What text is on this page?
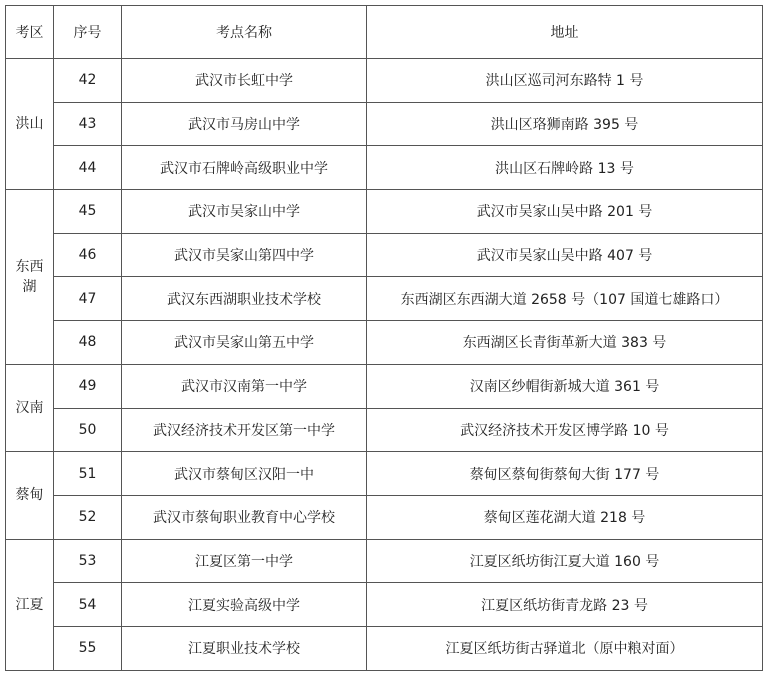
考区	序号	考点名称	地址
洪山	42	武汉市长虹中学	洪山区巡司河东路特 1 号
	43	武汉市马房山中学	洪山区珞狮南路 395 号
	44	武汉市石牌岭高级职业中学	洪山区石牌岭路 13 号
东西湖	45	武汉市吴家山中学	武汉市吴家山吴中路 201 号
	46	武汉市吴家山第四中学	武汉市吴家山吴中路 407 号
	47	武汉东西湖职业技术学校	东西湖区东西湖大道 2658 号（107 国道七雄路口）
	48	武汉市吴家山第五中学	东西湖区长青街革新大道 383 号
汉南	49	武汉市汉南第一中学	汉南区纱帽街新城大道 361 号
	50	武汉经济技术开发区第一中学	武汉经济技术开发区博学路 10 号
蔡甸	51	武汉市蔡甸区汉阳一中	蔡甸区蔡甸街蔡甸大街 177 号
	52	武汉市蔡甸职业教育中心学校	蔡甸区莲花湖大道 218 号
江夏	53	江夏区第一中学	江夏区纸坊街江夏大道 160 号
	54	江夏实验高级中学	江夏区纸坊街青龙路 23 号
	55	江夏职业技术学校	江夏区纸坊街古驿道北（原中粮对面）
